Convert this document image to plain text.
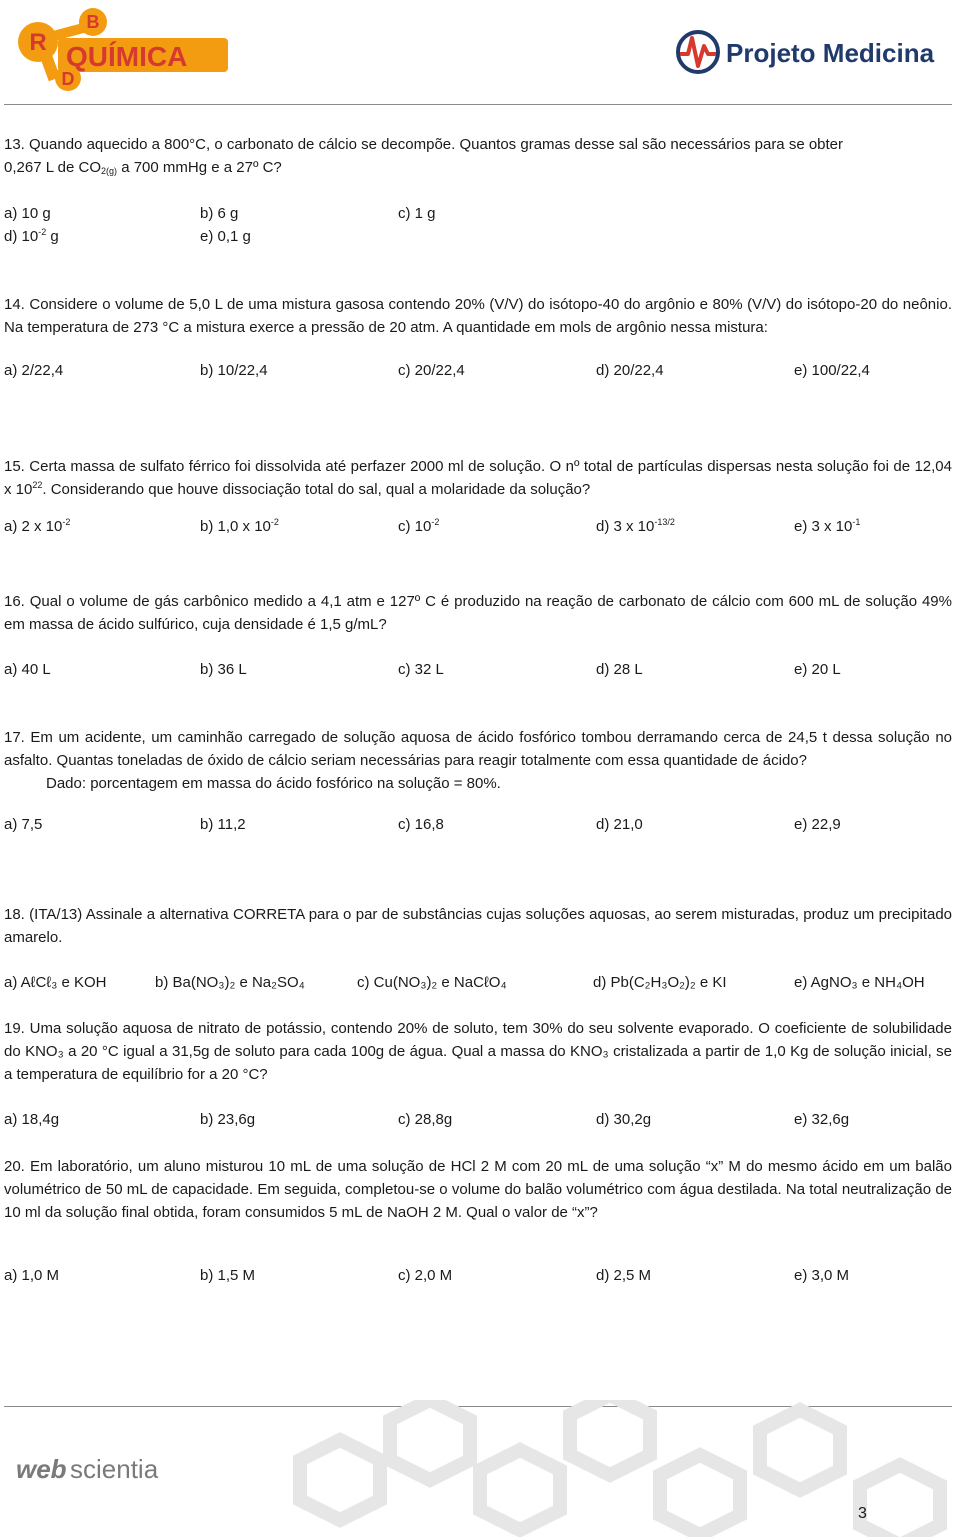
B
R
D
QUÍMICA	Projeto Medicina

13. Quando aquecido a 800°C, o carbonato de cálcio se decompõe. Quantos gramas desse sal são necessários para se obter

0,267 L de $CO_{2(g)}$ a 700 mmHg e a 27º C?

a) 10 g	b) 6 g	c) 1 g
d) $10^{-2}$ g	e) 0,1 g

14. Considere o volume de 5,0 L de uma mistura gasosa contendo 20% (V/V) do isótopo-40 do argônio e 80% (V/V) do isótopo-20 do neônio. Na temperatura de 273 °C a mistura exerce a pressão de 20 atm. A quantidade em mols de argônio nessa mistura:

a) 2/22,4	b) 10/22,4	c) 20/22,4	d) 20/22,4	e) 100/22,4

15. Certa massa de sulfato férrico foi dissolvida até perfazer 2000 ml de solução. O nº total de partículas dispersas nesta solução foi de 12,04 x $10^{22}$. Considerando que houve dissociação total do sal, qual a molaridade da solução?

a) 2 x $10^{-2}$	b) 1,0 x $10^{-2}$	c) $10^{-2}$	d) 3 x $10^{-13/2}$	e) 3 x $10^{-1}$

16. Qual o volume de gás carbônico medido a 4,1 atm e 127º C é produzido na reação de carbonato de cálcio com 600 mL de solução 49% em massa de ácido sulfúrico, cuja densidade é 1,5 g/mL?

a) 40 L	b) 36 L	c) 32 L	d) 28 L	e) 20 L

17. Em um acidente, um caminhão carregado de solução aquosa de ácido fosfórico tombou derramando cerca de 24,5 t dessa solução no asfalto. Quantas toneladas de óxido de cálcio seriam necessárias para reagir totalmente com essa quantidade de ácido?

Dado: porcentagem em massa do ácido fosfórico na solução = 80%.

a) 7,5	b) 11,2	c) 16,8	d) 21,0	e) 22,9

18. (ITA/13) Assinale a alternativa CORRETA para o par de substâncias cujas soluções aquosas, ao serem misturadas, produz um precipitado amarelo.

a) AℓCℓ₃ e KOH	b) Ba(NO₃)₂ e Na₂SO₄	c) Cu(NO₃)₂ e NaCℓO₄	d) Pb(C₂H₃O₂)₂ e KI	e) AgNO₃ e NH₄OH

19. Uma solução aquosa de nitrato de potássio, contendo 20% de soluto, tem 30% do seu solvente evaporado. O coeficiente de solubilidade do KNO₃ a 20 °C igual a 31,5g de soluto para cada 100g de água. Qual a massa do KNO₃ cristalizada a partir de 1,0 Kg de solução inicial, se a temperatura de equilíbrio for a 20 °C?

a) 18,4g	b) 23,6g	c) 28,8g	d) 30,2g	e) 32,6g

20. Em laboratório, um aluno misturou 10 mL de uma solução de HCl 2 M com 20 mL de uma solução “x” M do mesmo ácido em um balão volumétrico de 50 mL de capacidade. Em seguida, completou-se o volume do balão volumétrico com água destilada. Na total neutralização de 10 ml da solução final obtida, foram consumidos 5 mL de NaOH 2 M. Qual o valor de “x”?

a) 1,0 M	b) 1,5 M	c) 2,0 M	d) 2,5 M	e) 3,0 M
web scientia
3
